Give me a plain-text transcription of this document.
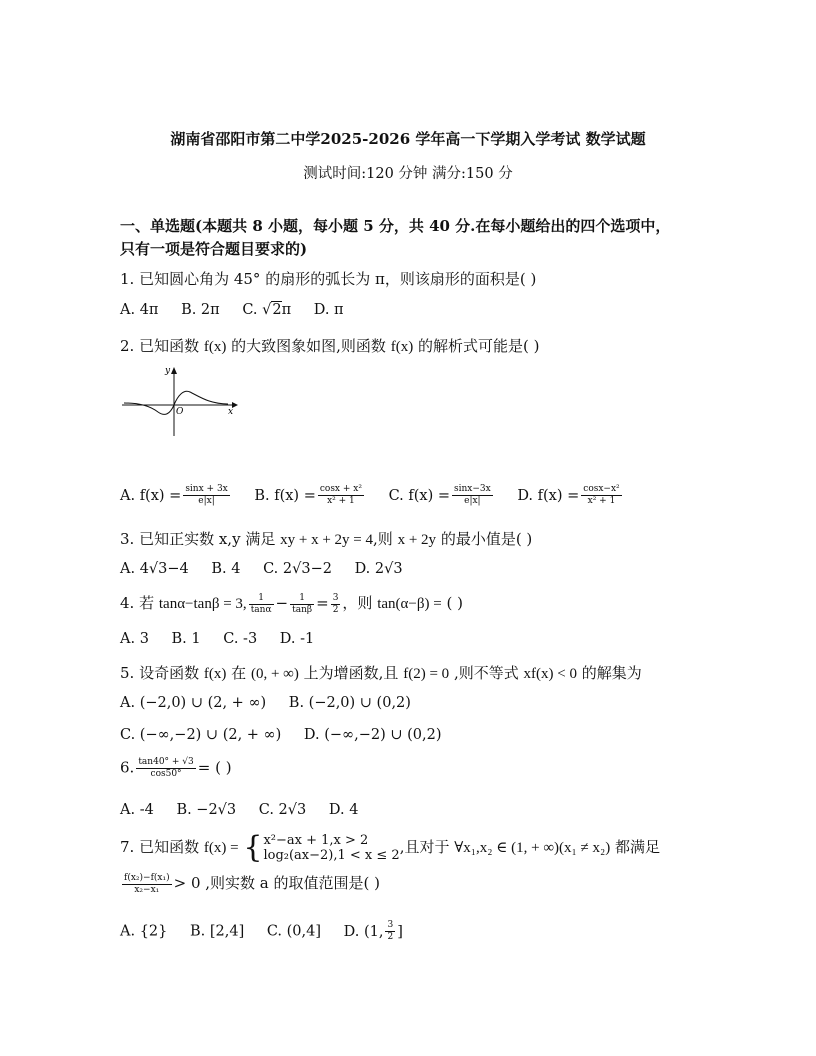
湖南省邵阳市第二中学2025-2026 学年高一下学期入学考试 数学试题
测试时间:120 分钟 满分:150 分
一、单选题(本题共 8 小题，每小题 5 分，共 40 分.在每小题给出的四个选项中，
只有一项是符合题目要求的)
1. 已知圆心角为 45° 的扇形的弧长为 π，则该扇形的面积是( )
A. 4π B. 2π C. √2π D. π
2. 已知函数 f(x) 的大致图象如图,则函数 f(x) 的解析式可能是( )
y
x
O
A. $f(x) = \frac{\sin x + 3x}{e|x|} B$. $f(x) = \frac{\text{cosx + x²}}{\text{x² + 1}} C$. $f(x) = \frac{\sin x-3x}{e|x|} D$. $f(x) = \frac{\text{cosx−x²}}{\text{x² + 1}}$
3. 已知正实数 x,y 满足 xy + x + 2y = 4,则 x + 2y 的最小值是( )
A. 4√3−4 B. 4 C. 2√3−2 D. 2√3
4. 若 tanα−tanβ = 3, $\frac{1}{\tan\alpha} - \frac{1}{\tan\beta} = \frac{3}{2}$ ，则 tan(α−β) = ( )
A. 3 B. 1 C. -3 D. -1
5. 设奇函数 f(x) 在 (0, + ∞) 上为增函数,且 f(2) = 0 ,则不等式 xf(x) < 0 的解集为
A. (−2,0) ∪ (2, + ∞) B. (−2,0) ∪ (0,2)
C. (−∞,−2) ∪ (2, + ∞) D. (−∞,−2) ∪ (0,2)
6. $\frac{\tan 40^\circ + √3}{\cos 50^\circ}$ = ( )
A. -4 B. −2√3 C. 2√3 D. 4
7. 已知函数 f(x) = { x²−ax + 1,x > 2
log₂(ax−2),1 < x ≤ 2 ,且对于 ∀x₁,x₂ ∈ (1, + ∞)(x₁ ≠ x₂) 都满足
$\frac{\text{f(x₂)−f(x₁)}}{\text{x₂−x₁}} > 0$ ,则实数 a 的取值范围是( )
A. {2} B. [2,4] C. (0,4] D. (1, $\frac{3}{2}$ ]
